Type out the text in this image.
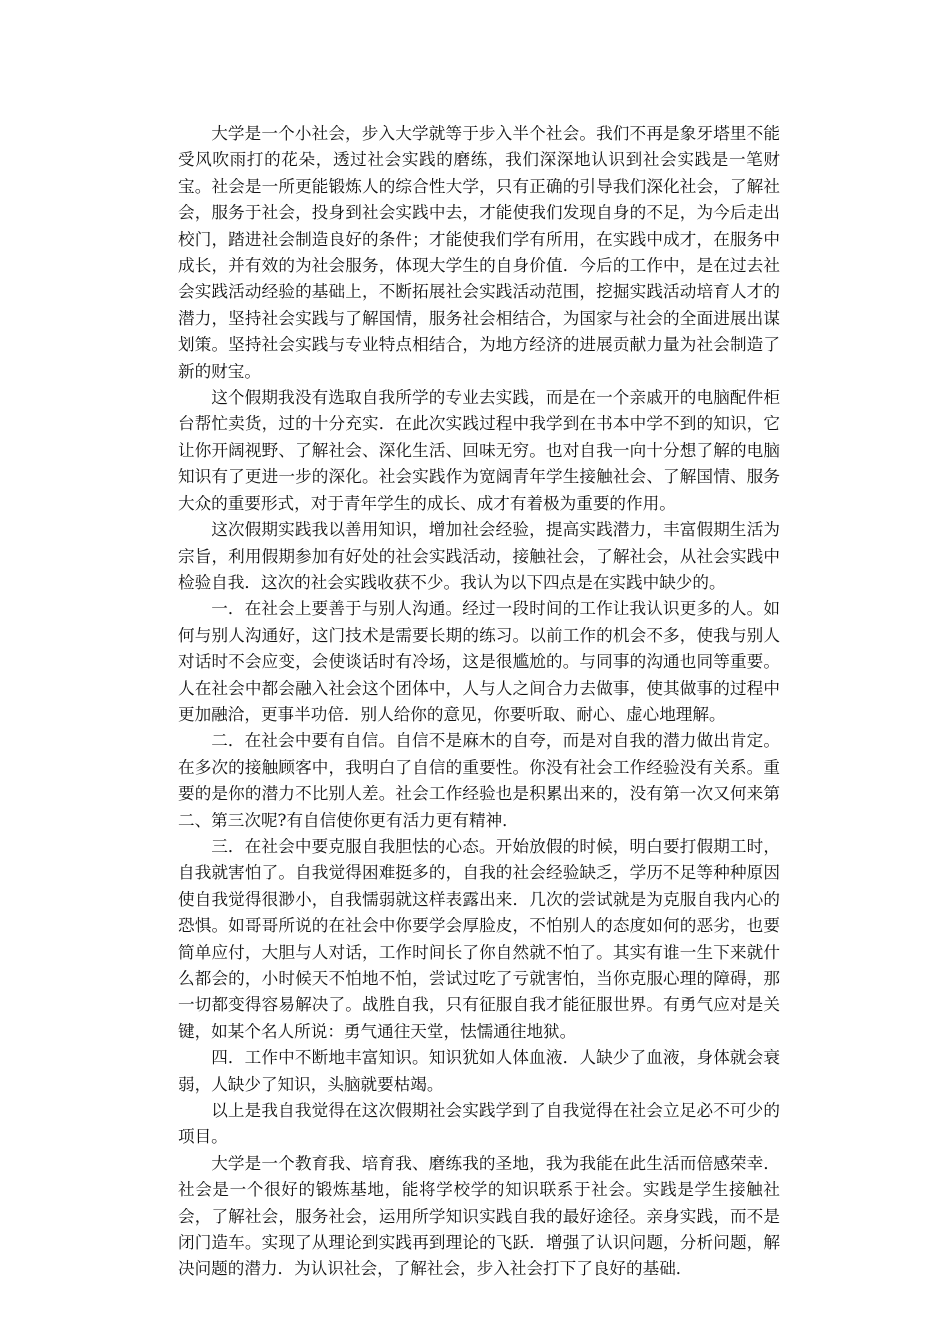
大学是一个小社会，步入大学就等于步入半个社会。我们不再是象牙塔里不能受风吹雨打的花朵，透过社会实践的磨练，我们深深地认识到社会实践是一笔财宝。社会是一所更能锻炼人的综合性大学，只有正确的引导我们深化社会，了解社会，服务于社会，投身到社会实践中去，才能使我们发现自身的不足，为今后走出校门，踏进社会制造良好的条件；才能使我们学有所用，在实践中成才，在服务中成长，并有效的为社会服务，体现大学生的自身价值．今后的工作中，是在过去社会实践活动经验的基础上，不断拓展社会实践活动范围，挖掘实践活动培育人才的潜力，坚持社会实践与了解国情，服务社会相结合，为国家与社会的全面进展出谋划策。坚持社会实践与专业特点相结合，为地方经济的进展贡献力量为社会制造了新的财宝。

这个假期我没有选取自我所学的专业去实践，而是在一个亲戚开的电脑配件柜台帮忙卖货，过的十分充实．在此次实践过程中我学到在书本中学不到的知识，它让你开阔视野、了解社会、深化生活、回味无穷。也对自我一向十分想了解的电脑知识有了更进一步的深化。社会实践作为宽阔青年学生接触社会、了解国情、服务大众的重要形式，对于青年学生的成长、成才有着极为重要的作用。

这次假期实践我以善用知识，增加社会经验，提高实践潜力，丰富假期生活为宗旨，利用假期参加有好处的社会实践活动，接触社会，了解社会，从社会实践中检验自我．这次的社会实践收获不少。我认为以下四点是在实践中缺少的。

一．在社会上要善于与别人沟通。经过一段时间的工作让我认识更多的人。如何与别人沟通好，这门技术是需要长期的练习。以前工作的机会不多，使我与别人对话时不会应变，会使谈话时有冷场，这是很尴尬的。与同事的沟通也同等重要。人在社会中都会融入社会这个团体中，人与人之间合力去做事，使其做事的过程中更加融洽，更事半功倍．别人给你的意见，你要听取、耐心、虚心地理解。

二．在社会中要有自信。自信不是麻木的自夸，而是对自我的潜力做出肯定。在多次的接触顾客中，我明白了自信的重要性。你没有社会工作经验没有关系。重要的是你的潜力不比别人差。社会工作经验也是积累出来的，没有第一次又何来第二、第三次呢?有自信使你更有活力更有精神．

三．在社会中要克服自我胆怯的心态。开始放假的时候，明白要打假期工时，自我就害怕了。自我觉得困难挺多的，自我的社会经验缺乏，学历不足等种种原因使自我觉得很渺小，自我懦弱就这样表露出来．几次的尝试就是为克服自我内心的恐惧。如哥哥所说的在社会中你要学会厚脸皮，不怕别人的态度如何的恶劣，也要简单应付，大胆与人对话，工作时间长了你自然就不怕了。其实有谁一生下来就什么都会的，小时候天不怕地不怕，尝试过吃了亏就害怕，当你克服心理的障碍，那一切都变得容易解决了。战胜自我，只有征服自我才能征服世界。有勇气应对是关键，如某个名人所说：勇气通往天堂，怯懦通往地狱。

四．工作中不断地丰富知识。知识犹如人体血液．人缺少了血液，身体就会衰弱，人缺少了知识，头脑就要枯竭。

以上是我自我觉得在这次假期社会实践学到了自我觉得在社会立足必不可少的项目。

大学是一个教育我、培育我、磨练我的圣地，我为我能在此生活而倍感荣幸．社会是一个很好的锻炼基地，能将学校学的知识联系于社会。实践是学生接触社会，了解社会，服务社会，运用所学知识实践自我的最好途径。亲身实践，而不是闭门造车。实现了从理论到实践再到理论的飞跃．增强了认识问题，分析问题，解决问题的潜力．为认识社会，了解社会，步入社会打下了良好的基础．
